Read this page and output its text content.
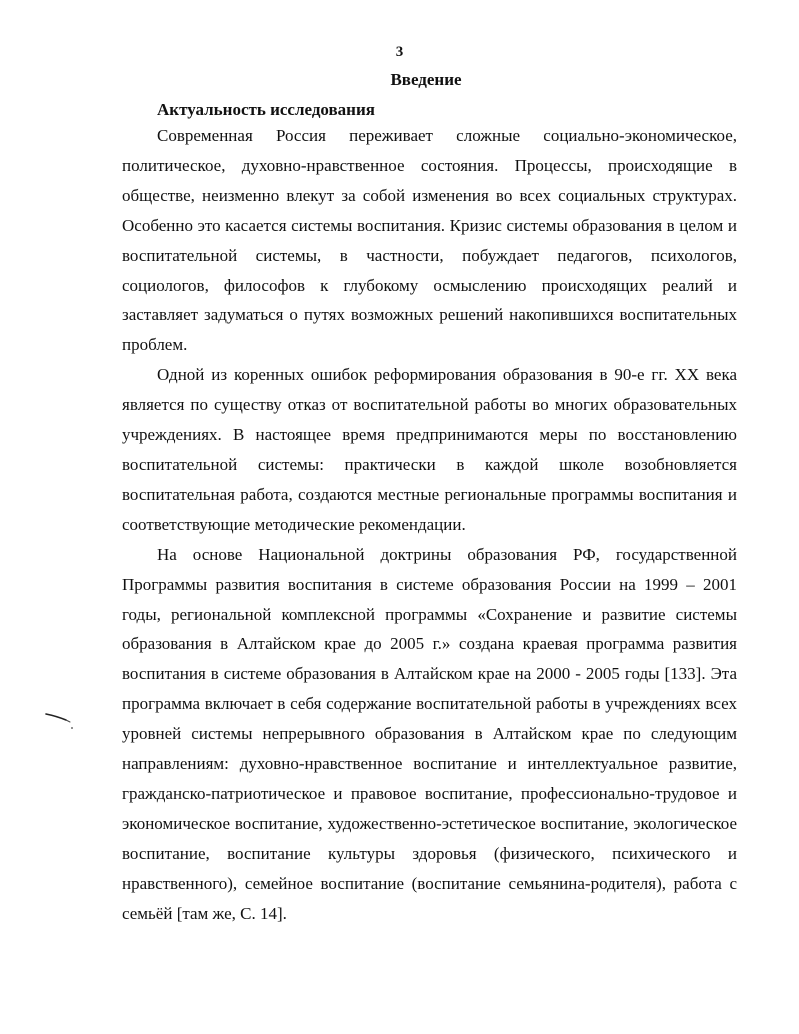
3

Введение
Актуальность исследования

Современная Россия переживает сложные социально-экономическое, политическое, духовно-нравственное состояния. Процессы, происходящие в обществе, неизменно влекут за собой изменения во всех социальных структурах. Особенно это касается системы воспитания. Кризис системы образования в целом и воспитательной системы, в частности, побуждает педагогов, психологов, социологов, философов к глубокому осмыслению происходящих реалий и заставляет задуматься о путях возможных решений накопившихся воспитательных проблем.

Одной из коренных ошибок реформирования образования в 90-е гг. XX века является по существу отказ от воспитательной работы во многих образовательных учреждениях. В настоящее время предпринимаются меры по восстановлению воспитательной системы: практически в каждой школе возобновляется воспитательная работа, создаются местные региональные программы воспитания и соответствующие методические рекомендации.

На основе Национальной доктрины образования РФ, государственной Программы развития воспитания в системе образования России на 1999 – 2001 годы, региональной комплексной программы «Сохранение и развитие системы образования в Алтайском крае до 2005 г.» создана краевая программа развития воспитания в системе образования в Алтайском крае на 2000 - 2005 годы [133]. Эта программа включает в себя содержание воспитательной работы в учреждениях всех уровней системы непрерывного образования в Алтайском крае по следующим направлениям: духовно-нравственное воспитание и интеллектуальное развитие, гражданско-патриотическое и правовое воспитание, профессионально-трудовое и экономическое воспитание, художественно-эстетическое воспитание, экологическое воспитание, воспитание культуры здоровья (физического, психического и нравственного), семейное воспитание (воспитание семьянина-родителя), работа с семьёй [там же, С. 14].
